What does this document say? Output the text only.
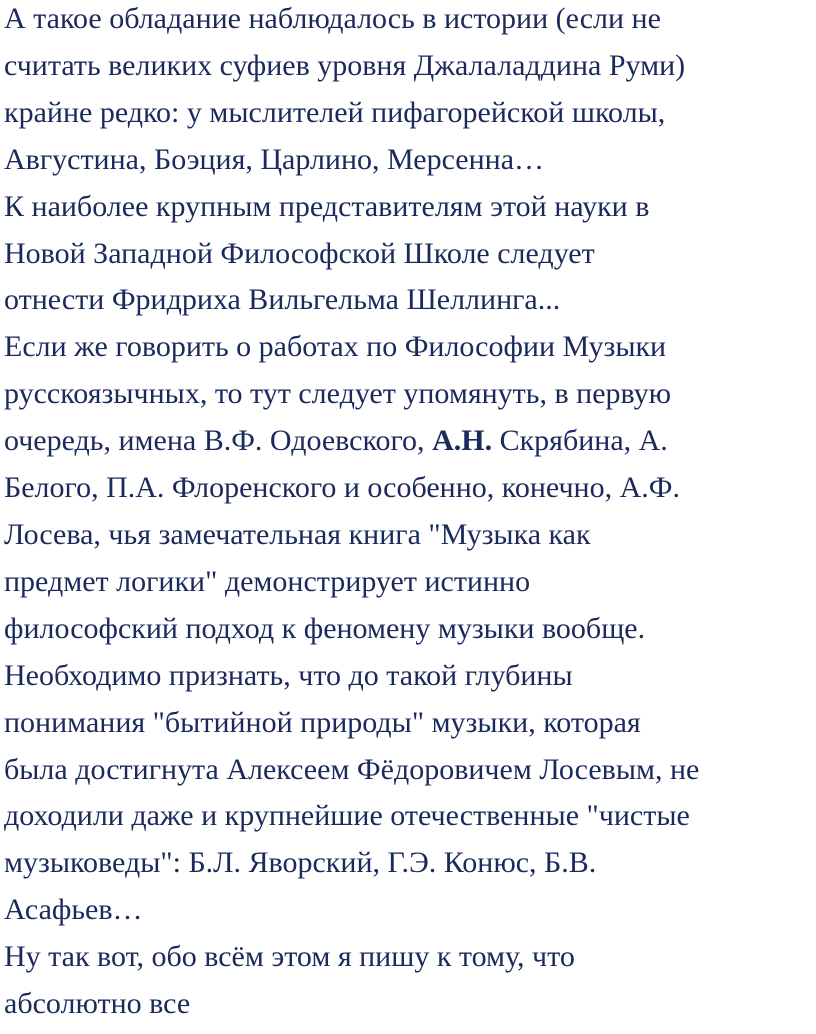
А такое обладание наблюдалось в истории (если не
считать великих суфиев уровня Джалаладдина Руми)
крайне редко: у мыслителей пифагорейской школы,
Августина, Боэция, Царлино, Мерсенна…
К наиболее крупным представителям этой науки в
Новой Западной Философской Школе следует
отнести Фридриха Вильгельма Шеллинга...
Если же говорить о работах по Философии Музыки
русскоязычных, то тут следует упомянуть, в первую
очередь, имена В.Ф. Одоевского, А.Н. Скрябина, А.
Белого, П.А. Флоренского и особенно, конечно, А.Ф.
Лосева, чья замечательная книга "Музыка как
предмет логики" демонстрирует истинно
философский подход к феномену музыки вообще.
Необходимо признать, что до такой глубины
понимания "бытийной природы" музыки, которая
была достигнута Алексеем Фёдоровичем Лосевым, не
доходили даже и крупнейшие отечественные "чистые
музыковеды": Б.Л. Яворский, Г.Э. Конюс, Б.В.
Асафьев…
Ну так вот, обо всём этом я пишу к тому, что
абсолютно все
